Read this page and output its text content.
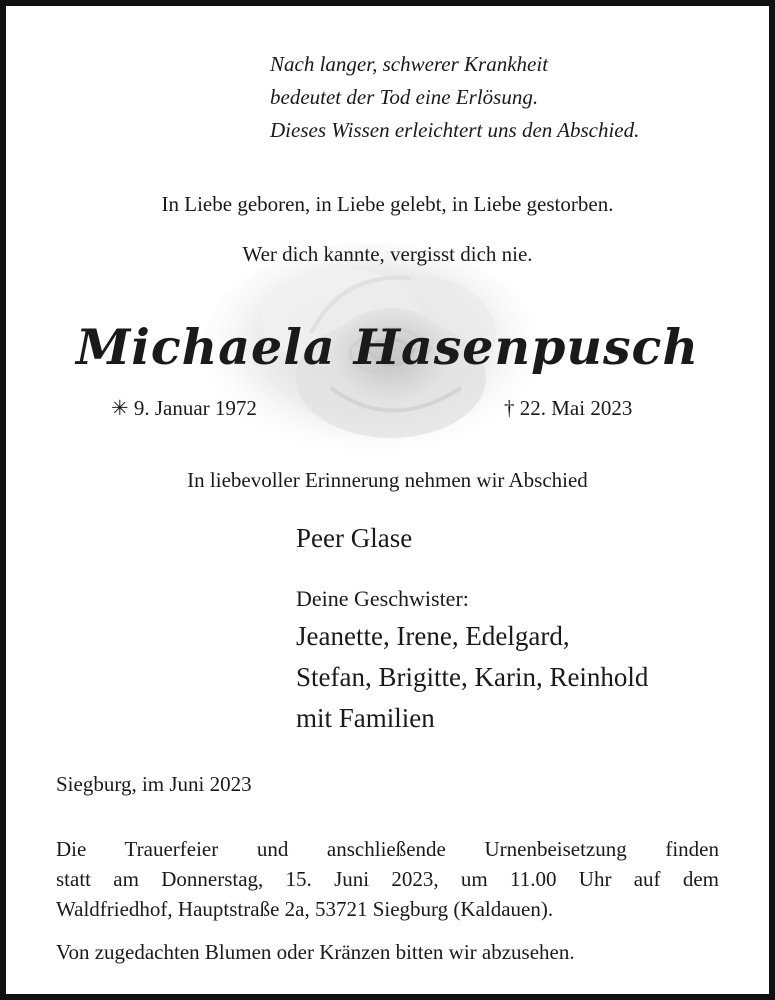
Nach langer, schwerer Krankheit
bedeutet der Tod eine Erlösung.
Dieses Wissen erleichtert uns den Abschied.
In Liebe geboren, in Liebe gelebt, in Liebe gestorben.
Wer dich kannte, vergisst dich nie.
Michaela Hasenpusch
✳ 9. Januar 1972	† 22. Mai 2023
In liebevoller Erinnerung nehmen wir Abschied
Peer Glase
Deine Geschwister:
Jeanette, Irene, Edelgard,
Stefan, Brigitte, Karin, Reinhold
mit Familien
Siegburg, im Juni 2023
Die Trauerfeier und anschließende Urnenbeisetzung finden
statt am Donnerstag, 15. Juni 2023, um 11.00 Uhr auf dem
Waldfriedhof, Hauptstraße 2a, 53721 Siegburg (Kaldauen).
Von zugedachten Blumen oder Kränzen bitten wir abzusehen.
